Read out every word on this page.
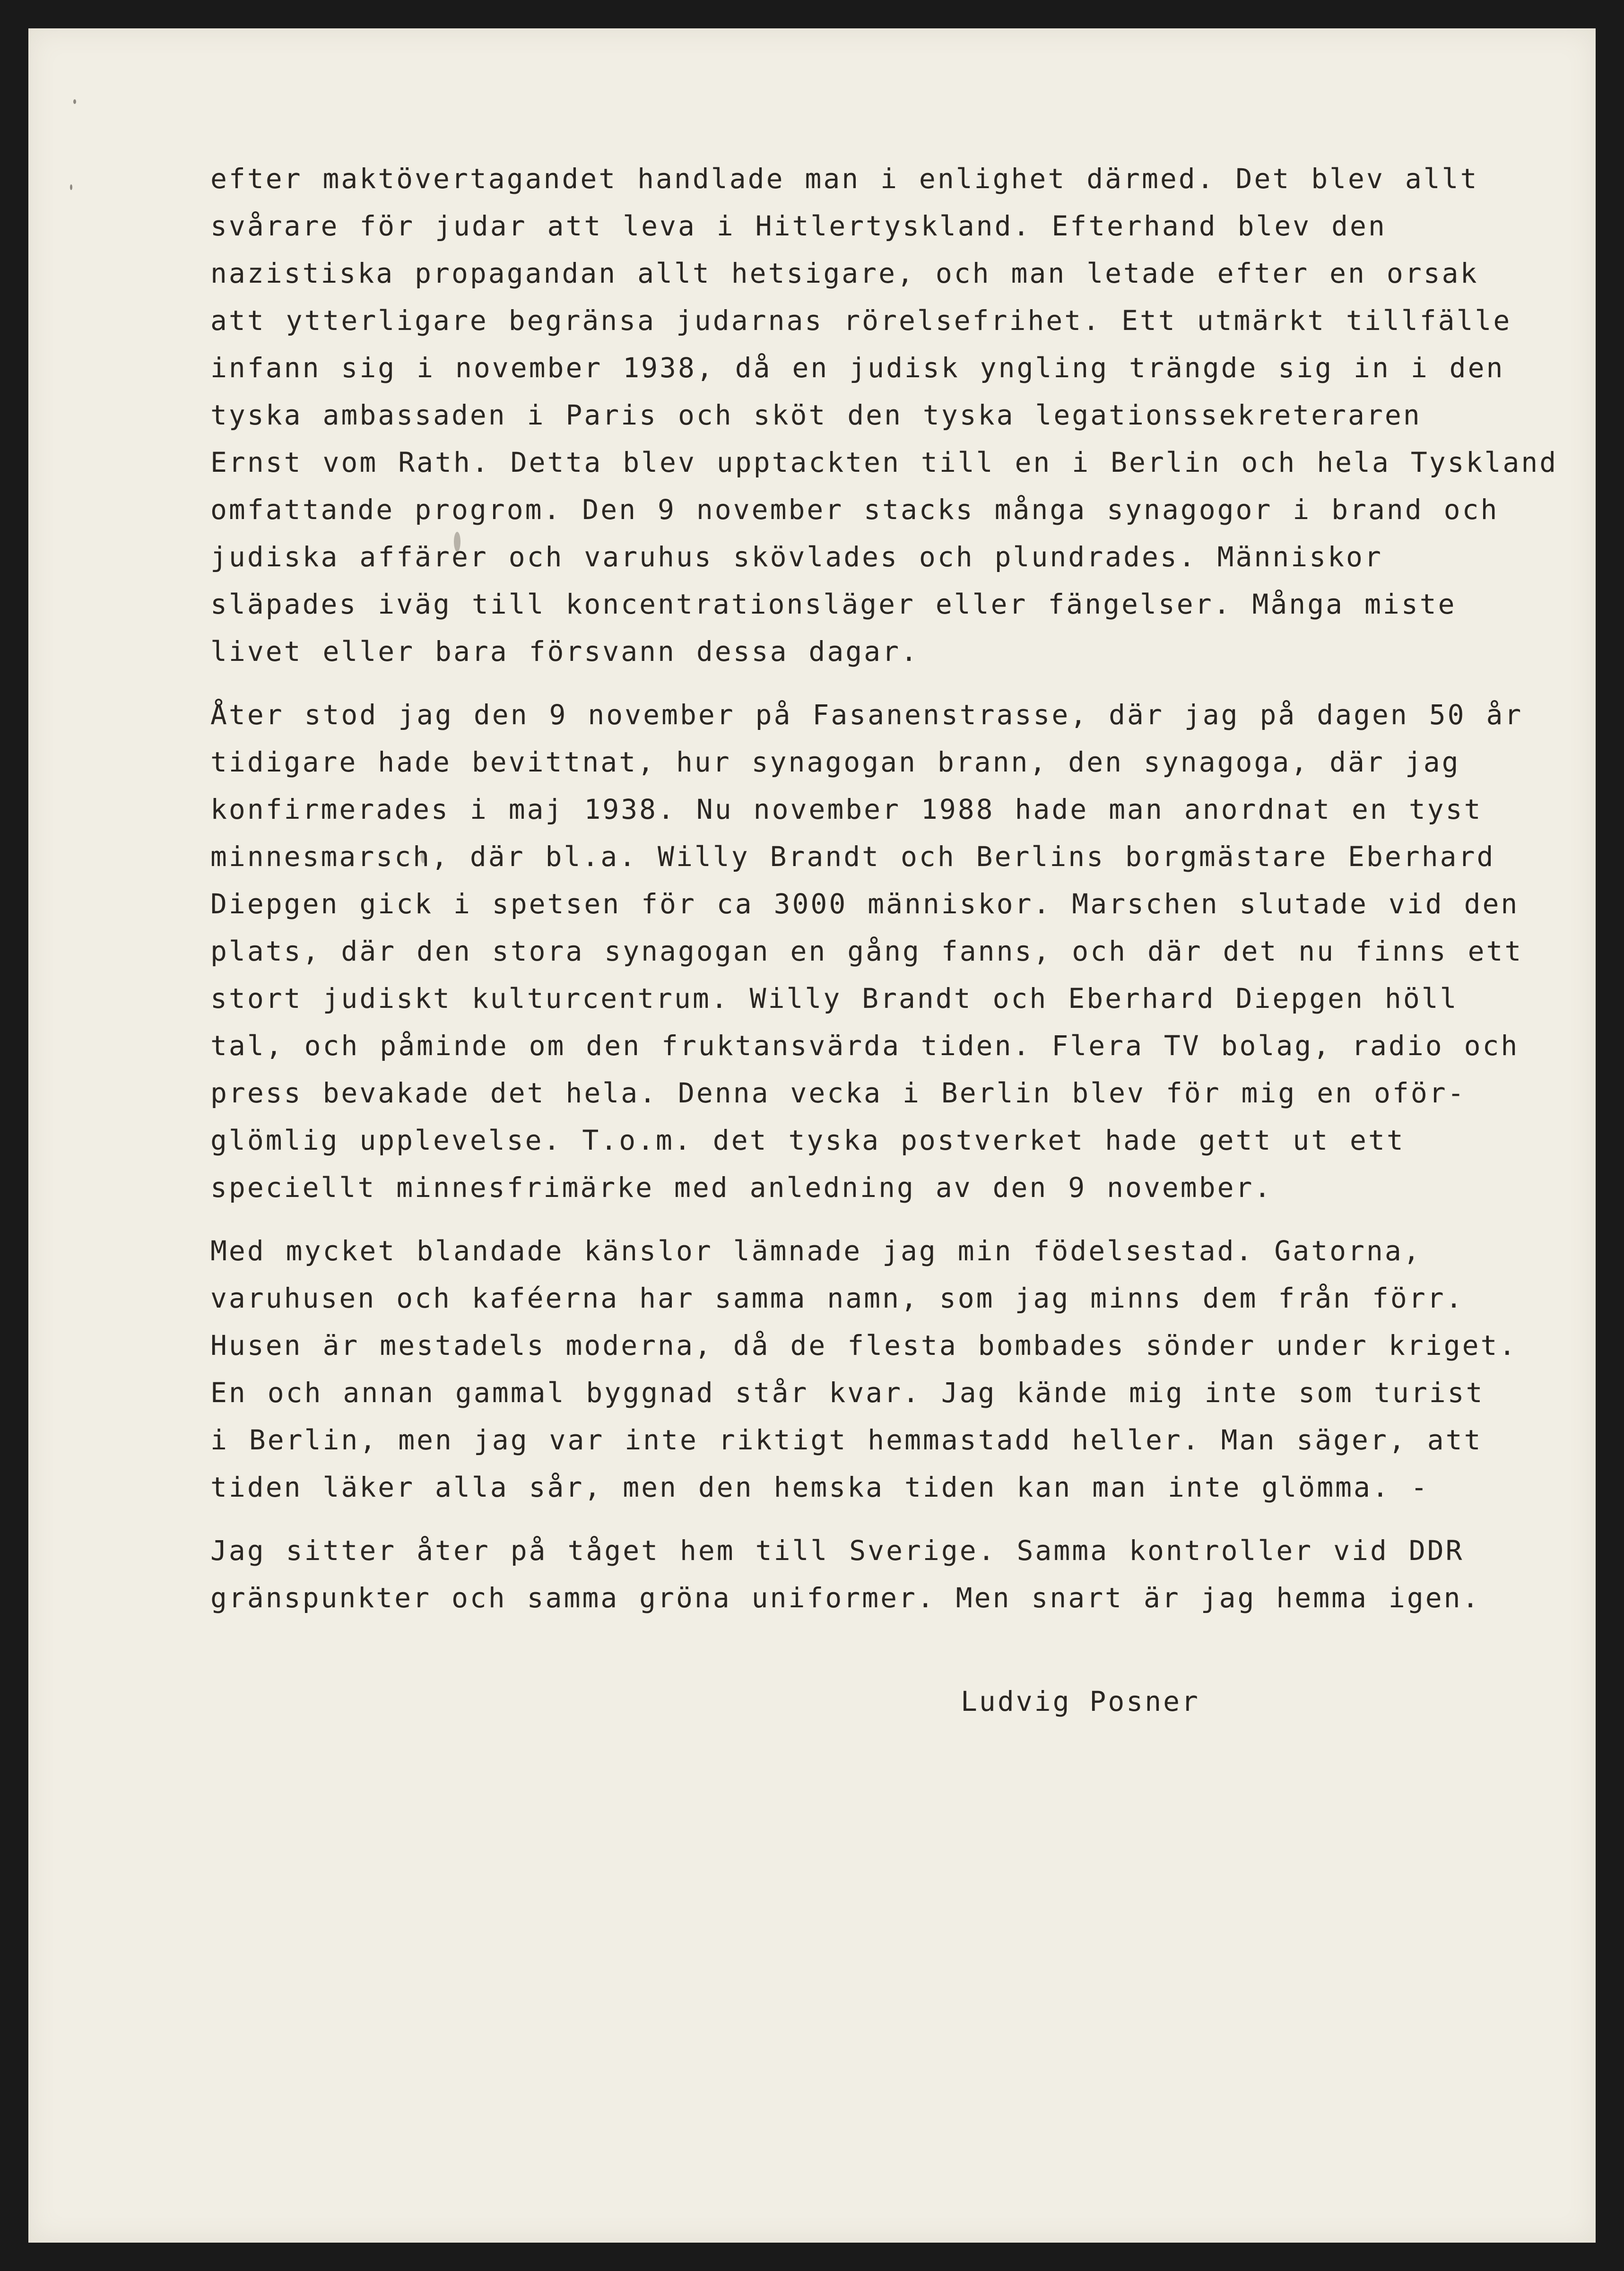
efter maktövertagandet handlade man i enlighet därmed. Det blev allt
svårare för judar att leva i Hitlertyskland. Efterhand blev den
nazistiska propagandan allt hetsigare, och man letade efter en orsak
att ytterligare begränsa judarnas rörelsefrihet. Ett utmärkt tillfälle
infann sig i november 1938, då en judisk yngling trängde sig in i den
tyska ambassaden i Paris och sköt den tyska legationssekreteraren
Ernst vom Rath. Detta blev upptackten till en i Berlin och hela Tyskland
omfattande progrom. Den 9 november stacks många synagogor i brand och
judiska affärer och varuhus skövlades och plundrades. Människor
släpades iväg till koncentrationsläger eller fängelser. Många miste
livet eller bara försvann dessa dagar.
Åter stod jag den 9 november på Fasanenstrasse, där jag på dagen 50 år
tidigare hade bevittnat, hur synagogan brann, den synagoga, där jag
konfirmerades i maj 1938. Nu november 1988 hade man anordnat en tyst
minnesmarsch, där bl.a. Willy Brandt och Berlins borgmästare Eberhard
Diepgen gick i spetsen för ca 3000 människor. Marschen slutade vid den
plats, där den stora synagogan en gång fanns, och där det nu finns ett
stort judiskt kulturcentrum. Willy Brandt och Eberhard Diepgen höll
tal, och påminde om den fruktansvärda tiden. Flera TV bolag, radio och
press bevakade det hela. Denna vecka i Berlin blev för mig en oför-
glömlig upplevelse. T.o.m. det tyska postverket hade gett ut ett
speciellt minnesfrimärke med anledning av den 9 november.
Med mycket blandade känslor lämnade jag min födelsestad. Gatorna,
varuhusen och kaféerna har samma namn, som jag minns dem från förr.
Husen är mestadels moderna, då de flesta bombades sönder under kriget.
En och annan gammal byggnad står kvar. Jag kände mig inte som turist
i Berlin, men jag var inte riktigt hemmastadd heller. Man säger, att
tiden läker alla sår, men den hemska tiden kan man inte glömma. -
Jag sitter åter på tåget hem till Sverige. Samma kontroller vid DDR
gränspunkter och samma gröna uniformer. Men snart är jag hemma igen.
Ludvig Posner
